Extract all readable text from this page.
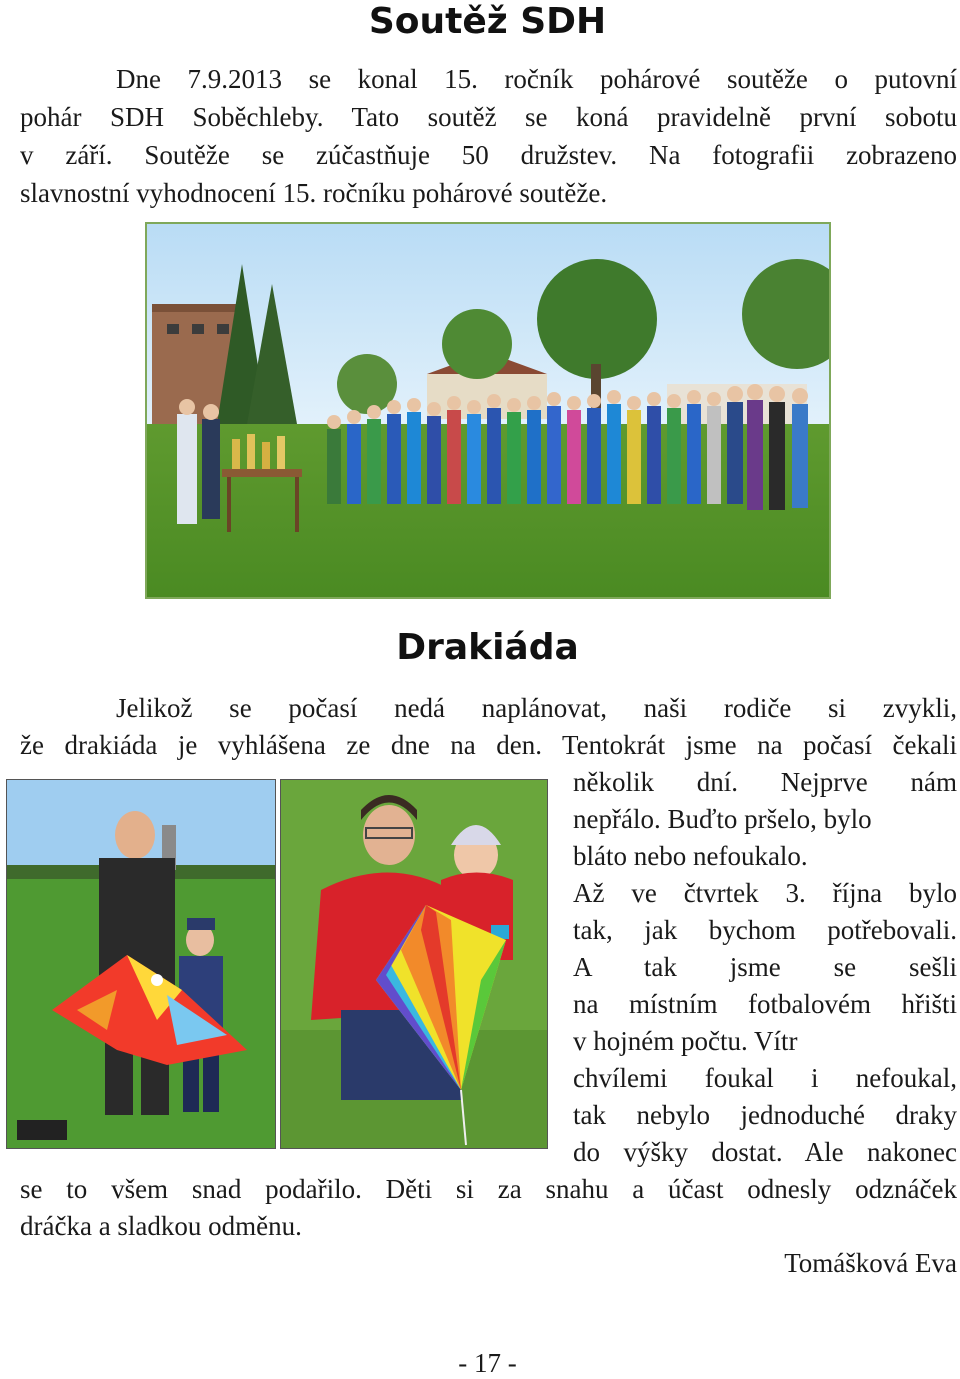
Soutěž SDH
Dne 7.9.2013 se konal 15. ročník pohárové soutěže o putovní
pohár SDH Soběchleby. Tato soutěž se koná pravidelně první sobotu
v září. Soutěže se zúčastňuje 50 družstev. Na fotografii zobrazeno
slavnostní vyhodnocení 15. ročníku pohárové soutěže.
Drakiáda
Jelikož se počasí nedá naplánovat, naši rodiče si zvykli,
že drakiáda je vyhlášena ze dne na den. Tentokrát jsme na počasí čekali
několik dní. Nejprve nám
nepřálo. Buďto pršelo, bylo
bláto nebo nefoukalo.
Až ve čtvrtek 3. října bylo
tak, jak bychom potřebovali.
A tak jsme se sešli
na místním fotbalovém hřišti
v hojném počtu. Vítr
chvílemi foukal i nefoukal,
tak nebylo jednoduché draky
do výšky dostat. Ale nakonec
se to všem snad podařilo. Děti si za snahu a účast odnesly odznáček
dráčka a sladkou odměnu.
Tomášková Eva
- 17 -
